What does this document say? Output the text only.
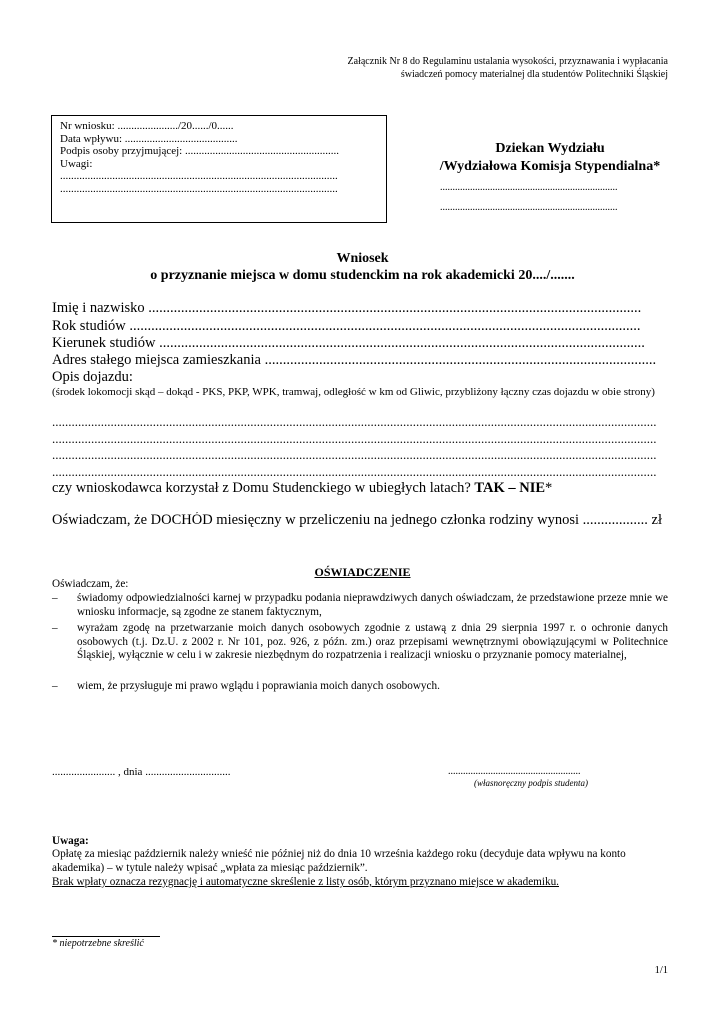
Załącznik Nr 8 do Regulaminu ustalania wysokości, przyznawania i wypłacania
świadczeń pomocy materialnej dla studentów Politechniki Śląskiej
Nr wniosku: ....................../20....../0......
Data wpływu: .........................................
Podpis osoby przyjmującej: ........................................................
Uwagi:
.....................................................................................................
.....................................................................................................
Dziekan Wydziału
/Wydziałowa Komisja Stypendialna*
.......................................................................
.......................................................................
Wniosek
o przyznanie miejsca w domu studenckim na rok akademicki 20..../.......
Imię i nazwisko ........................................................................................................................................
Rok studiów .............................................................................................................................................
Kierunek studiów ......................................................................................................................................
Adres stałego miejsca zamieszkania ............................................................................................................
Opis dojazdu:
(środek lokomocji skąd – dokąd - PKS, PKP, WPK, tramwaj, odległość w km od Gliwic, przybliżony łączny czas dojazdu w obie strony)
..........................................................................................................................................................................................
..........................................................................................................................................................................................
..........................................................................................................................................................................................
..........................................................................................................................................................................................
czy wnioskodawca korzystał z Domu Studenckiego w ubiegłych latach? TAK – NIE*
Oświadczam, że DOCHÓD miesięczny w przeliczeniu na jednego członka rodziny wynosi .................. zł
OŚWIADCZENIE
Oświadczam, że:
– świadomy odpowiedzialności karnej w przypadku podania nieprawdziwych danych oświadczam, że przedstawione przeze mnie we wniosku informacje, są zgodne ze stanem faktycznym,
– wyrażam zgodę na przetwarzanie moich danych osobowych zgodnie z ustawą z dnia 29 sierpnia 1997 r. o ochronie danych osobowych (t.j. Dz.U. z 2002 r. Nr 101, poz. 926, z późn. zm.) oraz przepisami wewnętrznymi obowiązującymi w Politechnice Śląskiej, wyłącznie w celu i w zakresie niezbędnym do rozpatrzenia i realizacji wniosku o przyznanie pomocy materialnej,
– wiem, że przysługuje mi prawo wglądu i poprawiania moich danych osobowych.
....................... , dnia ...............................	.....................................................
(własnoręczny podpis studenta)
Uwaga:
Opłatę za miesiąc październik należy wnieść nie później niż do dnia 10 września każdego roku (decyduje data wpływu na konto akademika) – w tytule należy wpisać „wpłata za miesiąc październik”.
Brak wpłaty oznacza rezygnację i automatyczne skreślenie z listy osób, którym przyznano miejsce w akademiku.
* niepotrzebne skreślić
1/1
